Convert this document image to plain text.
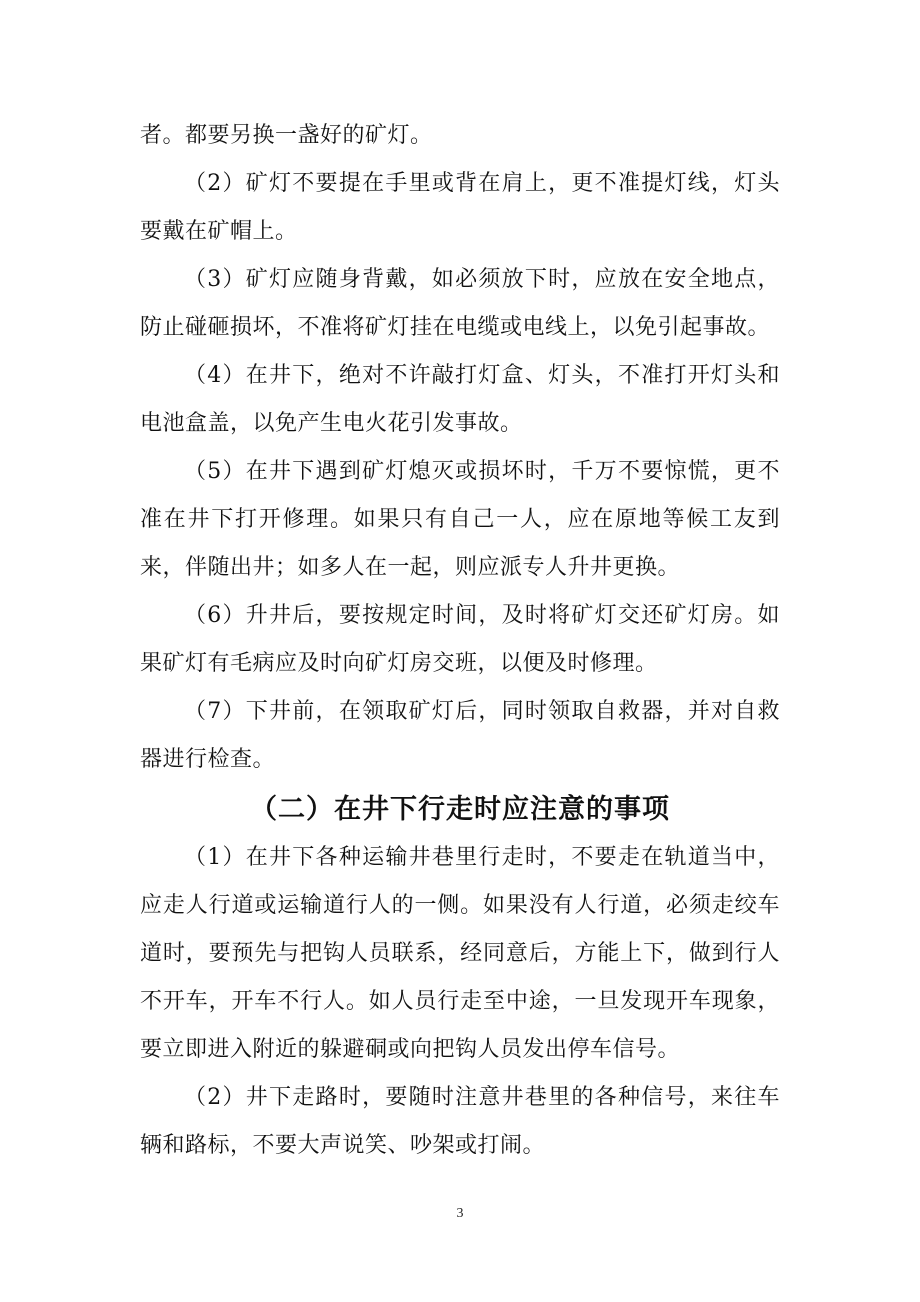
者。都要另换一盏好的矿灯。

（2）矿灯不要提在手里或背在肩上，更不准提灯线，灯头要戴在矿帽上。

（3）矿灯应随身背戴，如必须放下时，应放在安全地点，防止碰砸损坏，不准将矿灯挂在电缆或电线上，以免引起事故。

（4）在井下，绝对不许敲打灯盒、灯头，不准打开灯头和电池盒盖，以免产生电火花引发事故。

（5）在井下遇到矿灯熄灭或损坏时，千万不要惊慌，更不准在井下打开修理。如果只有自己一人，应在原地等候工友到来，伴随出井；如多人在一起，则应派专人升井更换。

（6）升井后，要按规定时间，及时将矿灯交还矿灯房。如果矿灯有毛病应及时向矿灯房交班，以便及时修理。

（7）下井前，在领取矿灯后，同时领取自救器，并对自救器进行检查。

（二）在井下行走时应注意的事项

（1）在井下各种运输井巷里行走时，不要走在轨道当中，应走人行道或运输道行人的一侧。如果没有人行道，必须走绞车道时，要预先与把钩人员联系，经同意后，方能上下，做到行人不开车，开车不行人。如人员行走至中途，一旦发现开车现象，要立即进入附近的躲避硐或向把钩人员发出停车信号。

（2）井下走路时，要随时注意井巷里的各种信号，来往车辆和路标，不要大声说笑、吵架或打闹。

3
